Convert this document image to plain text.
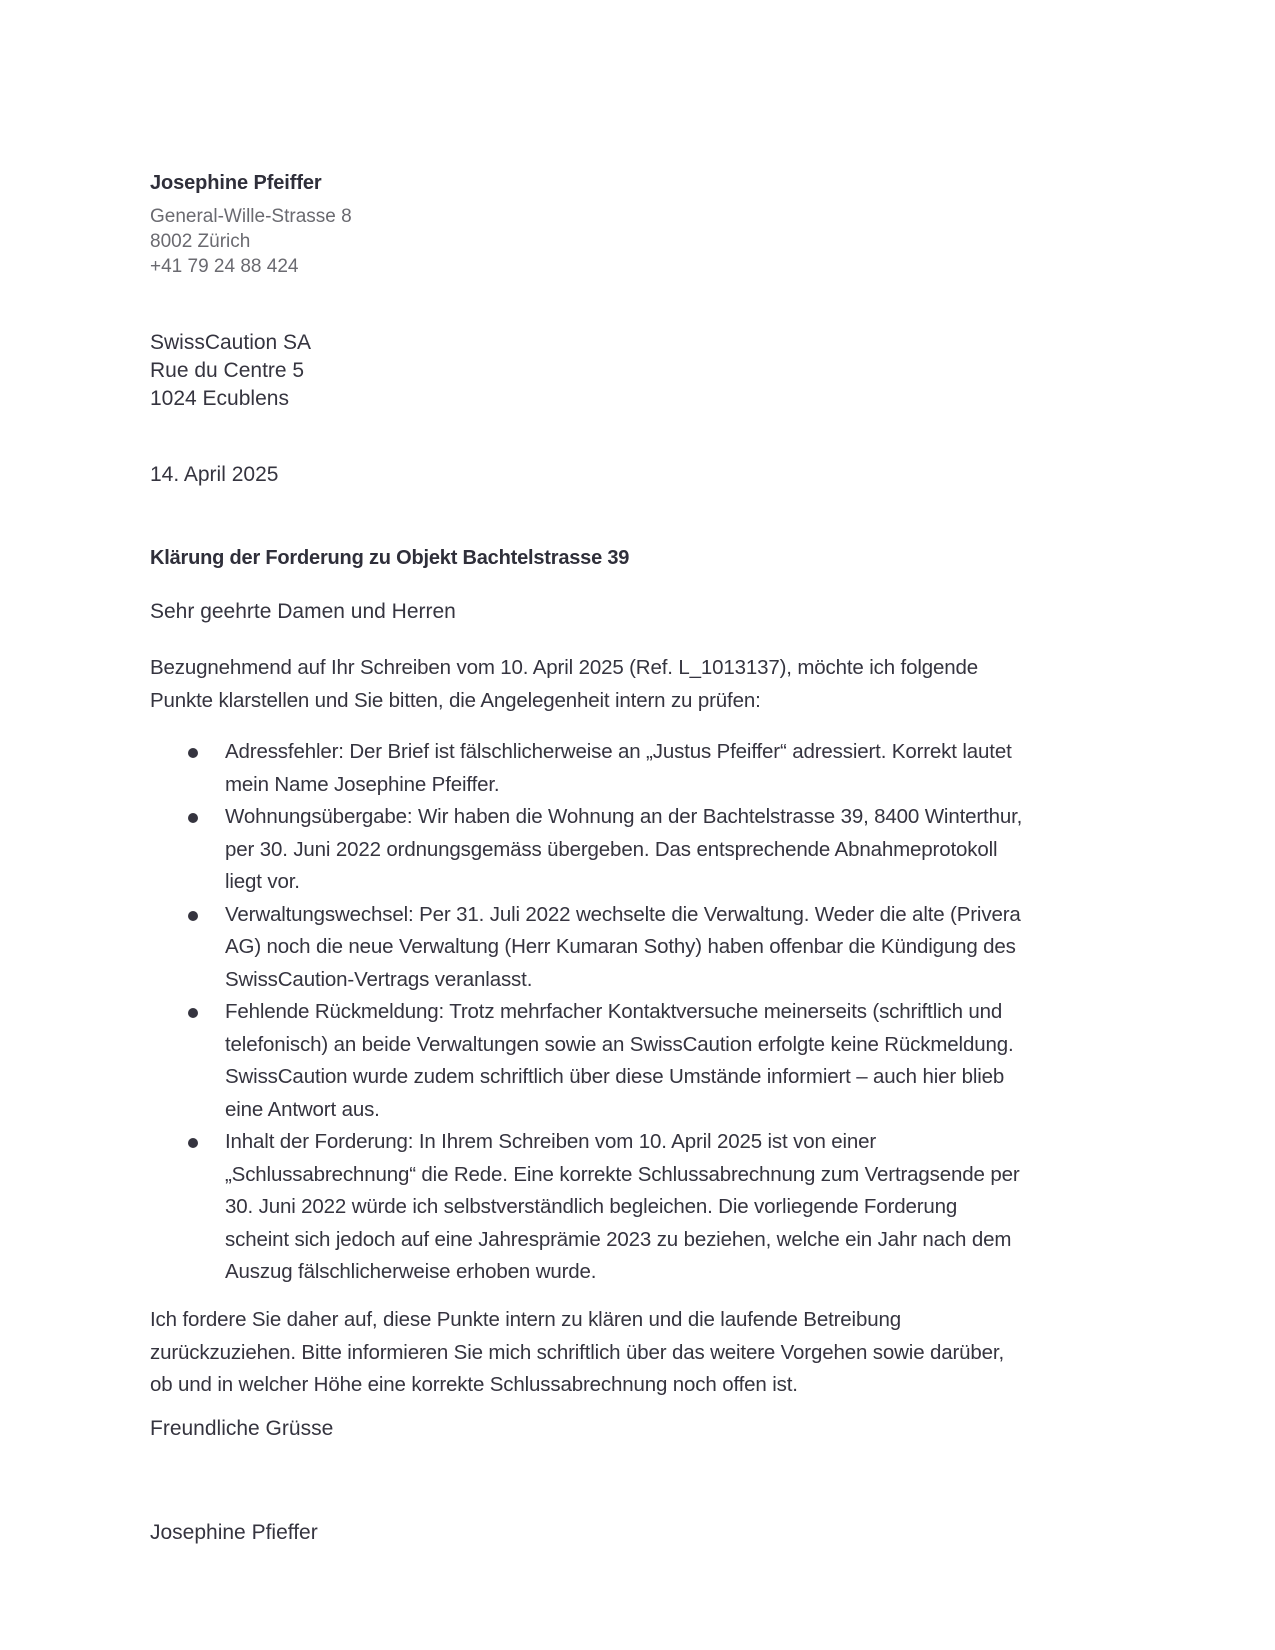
Josephine Pfeiffer
General-Wille-Strasse 8
8002 Zürich
+41 79 24 88 424
SwissCaution SA
Rue du Centre 5
1024 Ecublens
14. April 2025
Klärung der Forderung zu Objekt Bachtelstrasse 39
Sehr geehrte Damen und Herren
Bezugnehmend auf Ihr Schreiben vom 10. April 2025 (Ref. L_1013137), möchte ich folgende
Punkte klarstellen und Sie bitten, die Angelegenheit intern zu prüfen:
Adressfehler: Der Brief ist fälschlicherweise an „Justus Pfeiffer“ adressiert. Korrekt lautet
mein Name Josephine Pfeiffer.
Wohnungsübergabe: Wir haben die Wohnung an der Bachtelstrasse 39, 8400 Winterthur,
per 30. Juni 2022 ordnungsgemäss übergeben. Das entsprechende Abnahmeprotokoll
liegt vor.
Verwaltungswechsel: Per 31. Juli 2022 wechselte die Verwaltung. Weder die alte (Privera
AG) noch die neue Verwaltung (Herr Kumaran Sothy) haben offenbar die Kündigung des
SwissCaution-Vertrags veranlasst.
Fehlende Rückmeldung: Trotz mehrfacher Kontaktversuche meinerseits (schriftlich und
telefonisch) an beide Verwaltungen sowie an SwissCaution erfolgte keine Rückmeldung.
SwissCaution wurde zudem schriftlich über diese Umstände informiert – auch hier blieb
eine Antwort aus.
Inhalt der Forderung: In Ihrem Schreiben vom 10. April 2025 ist von einer
„Schlussabrechnung“ die Rede. Eine korrekte Schlussabrechnung zum Vertragsende per
30. Juni 2022 würde ich selbstverständlich begleichen. Die vorliegende Forderung
scheint sich jedoch auf eine Jahresprämie 2023 zu beziehen, welche ein Jahr nach dem
Auszug fälschlicherweise erhoben wurde.
Ich fordere Sie daher auf, diese Punkte intern zu klären und die laufende Betreibung
zurückzuziehen. Bitte informieren Sie mich schriftlich über das weitere Vorgehen sowie darüber,
ob und in welcher Höhe eine korrekte Schlussabrechnung noch offen ist.
Freundliche Grüsse
Josephine Pfieffer
